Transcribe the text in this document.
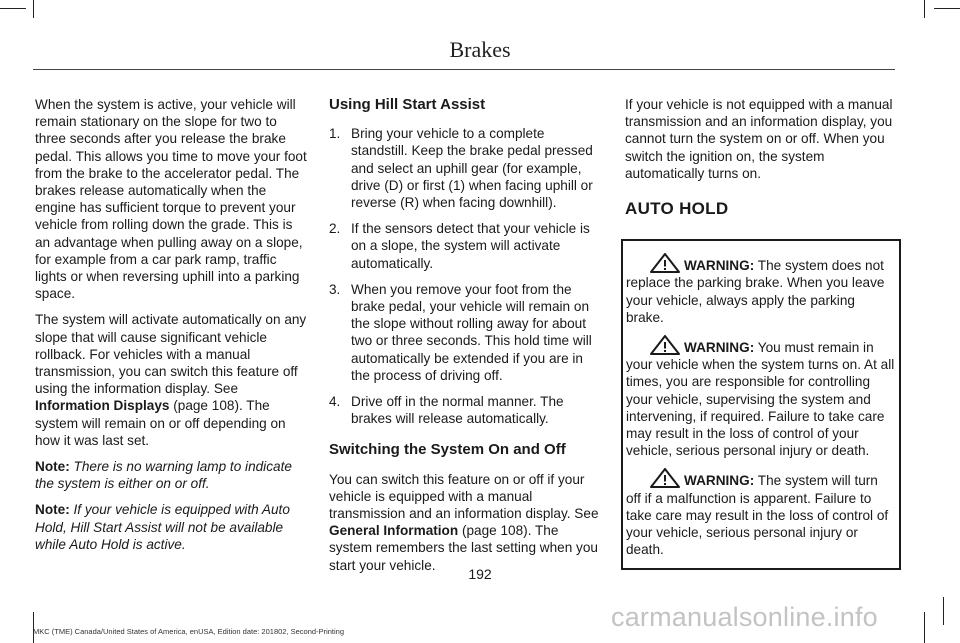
Brakes

When the system is active, your vehicle will remain stationary on the slope for two to three seconds after you release the brake pedal. This allows you time to move your foot from the brake to the accelerator pedal. The brakes release automatically when the engine has sufficient torque to prevent your vehicle from rolling down the grade. This is an advantage when pulling away on a slope, for example from a car park ramp, traffic lights or when reversing uphill into a parking space.

The system will activate automatically on any slope that will cause significant vehicle rollback. For vehicles with a manual transmission, you can switch this feature off using the information display. See Information Displays (page 108). The system will remain on or off depending on how it was last set.

Note: There is no warning lamp to indicate the system is either on or off.

Note: If your vehicle is equipped with Auto Hold, Hill Start Assist will not be available while Auto Hold is active.

Using Hill Start Assist
1. Bring your vehicle to a complete standstill. Keep the brake pedal pressed and select an uphill gear (for example, drive (D) or first (1) when facing uphill or reverse (R) when facing downhill).
2. If the sensors detect that your vehicle is on a slope, the system will activate automatically.
3. When you remove your foot from the brake pedal, your vehicle will remain on the slope without rolling away for about two or three seconds. This hold time will automatically be extended if you are in the process of driving off.
4. Drive off in the normal manner. The brakes will release automatically.
Switching the System On and Off

You can switch this feature on or off if your vehicle is equipped with a manual transmission and an information display. See General Information (page 108). The system remembers the last setting when you start your vehicle.

If your vehicle is not equipped with a manual transmission and an information display, you cannot turn the system on or off. When you switch the ignition on, the system automatically turns on.

AUTO HOLD

WARNING: The system does not replace the parking brake. When you leave your vehicle, always apply the parking brake.

WARNING: You must remain in your vehicle when the system turns on. At all times, you are responsible for controlling your vehicle, supervising the system and intervening, if required. Failure to take care may result in the loss of control of your vehicle, serious personal injury or death.

WARNING: The system will turn off if a malfunction is apparent. Failure to take care may result in the loss of control of your vehicle, serious personal injury or death.

192
MKC (TME) Canada/United States of America, enUSA, Edition date: 201802, Second-Printing	carmanualsonline.info
